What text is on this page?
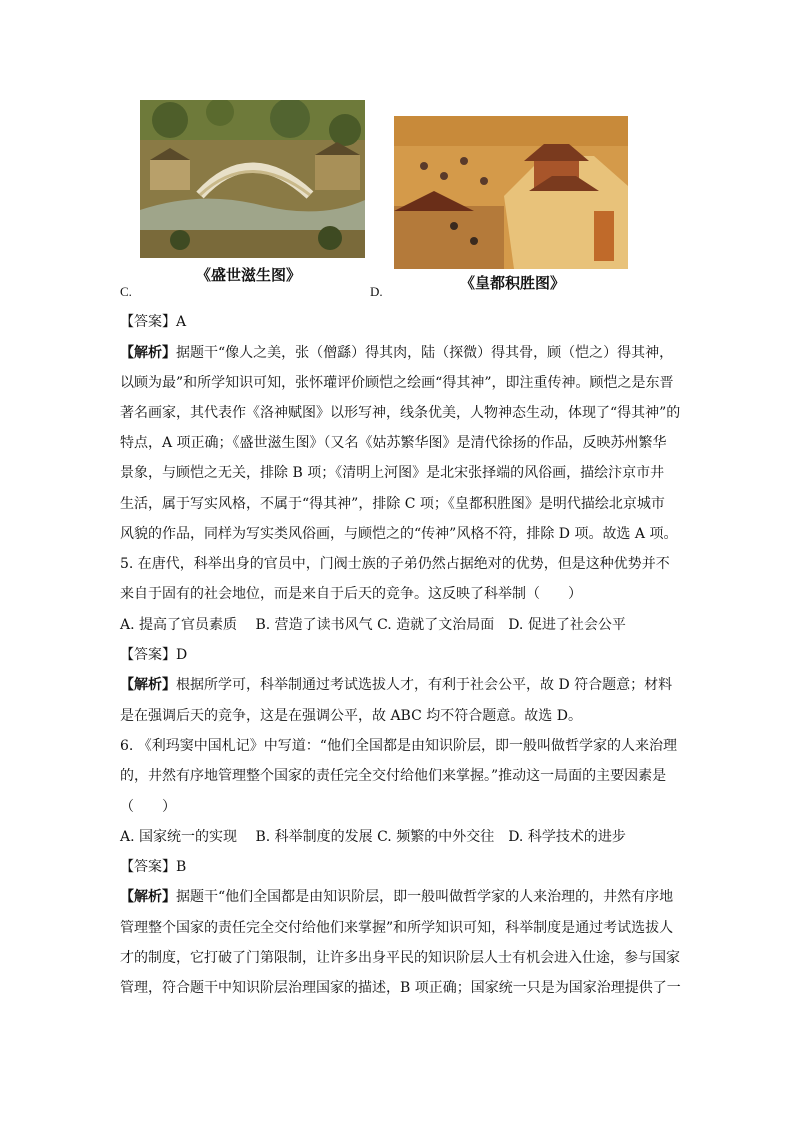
《盛世滋生图》
C.	《皇都积胜图》
D.
【答案】A
【解析】据题干“像人之美，张（僧繇）得其肉，陆（探微）得其骨，顾（恺之）得其神，
以顾为最”和所学知识可知，张怀瓘评价顾恺之绘画“得其神”，即注重传神。顾恺之是东晋
著名画家，其代表作《洛神赋图》以形写神，线条优美，人物神态生动，体现了“得其神”的
特点，A 项正确；《盛世滋生图》（又名《姑苏繁华图》是清代徐扬的作品，反映苏州繁华
景象，与顾恺之无关，排除 B 项；《清明上河图》是北宋张择端的风俗画，描绘汴京市井
生活，属于写实风格，不属于“得其神”，排除 C 项；《皇都积胜图》是明代描绘北京城市
风貌的作品，同样为写实类风俗画，与顾恺之的“传神”风格不符，排除 D 项。故选 A 项。
5. 在唐代，科举出身的官员中，门阀士族的子弟仍然占据绝对的优势，但是这种优势并不
来自于固有的社会地位，而是来自于后天的竞争。这反映了科举制（　　）
A. 提高了官员素质　 B. 营造了读书风气 C. 造就了文治局面　D. 促进了社会公平
【答案】D
【解析】根据所学可，科举制通过考试选拔人才，有利于社会公平，故 D 符合题意；材料
是在强调后天的竞争，这是在强调公平，故 ABC 均不符合题意。故选 D。
6. 《利玛窦中国札记》中写道：“他们全国都是由知识阶层，即一般叫做哲学家的人来治理
的，井然有序地管理整个国家的责任完全交付给他们来掌握。”推动这一局面的主要因素是
（　　）
A. 国家统一的实现　 B. 科举制度的发展 C. 频繁的中外交往　D. 科学技术的进步
【答案】B
【解析】据题干“他们全国都是由知识阶层，即一般叫做哲学家的人来治理的，井然有序地
管理整个国家的责任完全交付给他们来掌握”和所学知识可知，科举制度是通过考试选拔人
才的制度，它打破了门第限制，让许多出身平民的知识阶层人士有机会进入仕途，参与国家
管理，符合题干中知识阶层治理国家的描述，B 项正确；国家统一只是为国家治理提供了一
